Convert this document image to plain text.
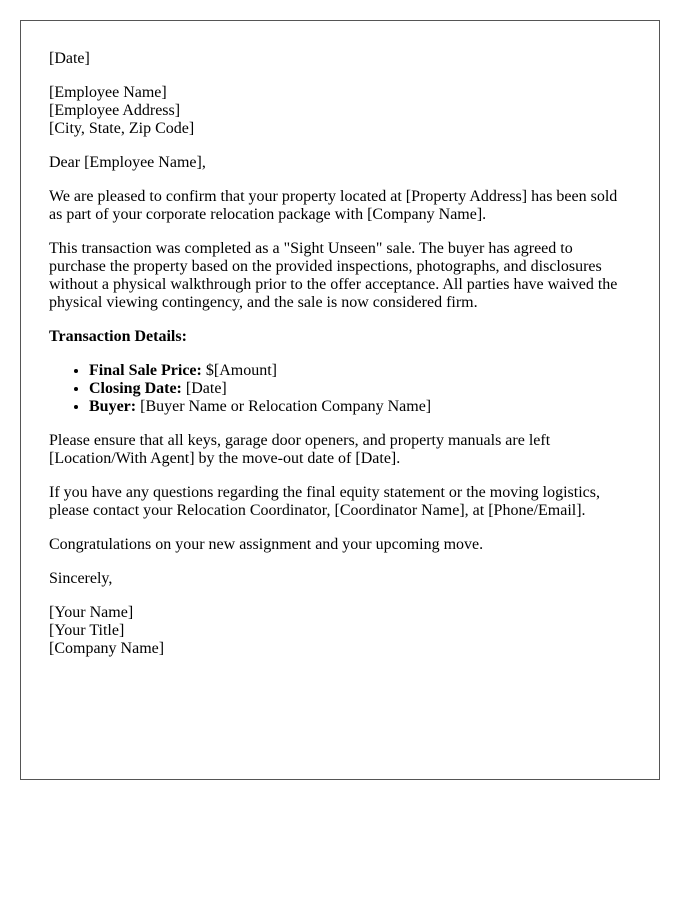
[Date]

[Employee Name]
[Employee Address]
[City, State, Zip Code]

Dear [Employee Name],

We are pleased to confirm that your property located at [Property Address] has been sold
as part of your corporate relocation package with [Company Name].

This transaction was completed as a "Sight Unseen" sale. The buyer has agreed to
purchase the property based on the provided inspections, photographs, and disclosures
without a physical walkthrough prior to the offer acceptance. All parties have waived the
physical viewing contingency, and the sale is now considered firm.

Transaction Details:

• Final Sale Price: $[Amount]
• Closing Date: [Date]
• Buyer: [Buyer Name or Relocation Company Name]

Please ensure that all keys, garage door openers, and property manuals are left
[Location/With Agent] by the move-out date of [Date].

If you have any questions regarding the final equity statement or the moving logistics,
please contact your Relocation Coordinator, [Coordinator Name], at [Phone/Email].

Congratulations on your new assignment and your upcoming move.

Sincerely,

[Your Name]
[Your Title]
[Company Name]
